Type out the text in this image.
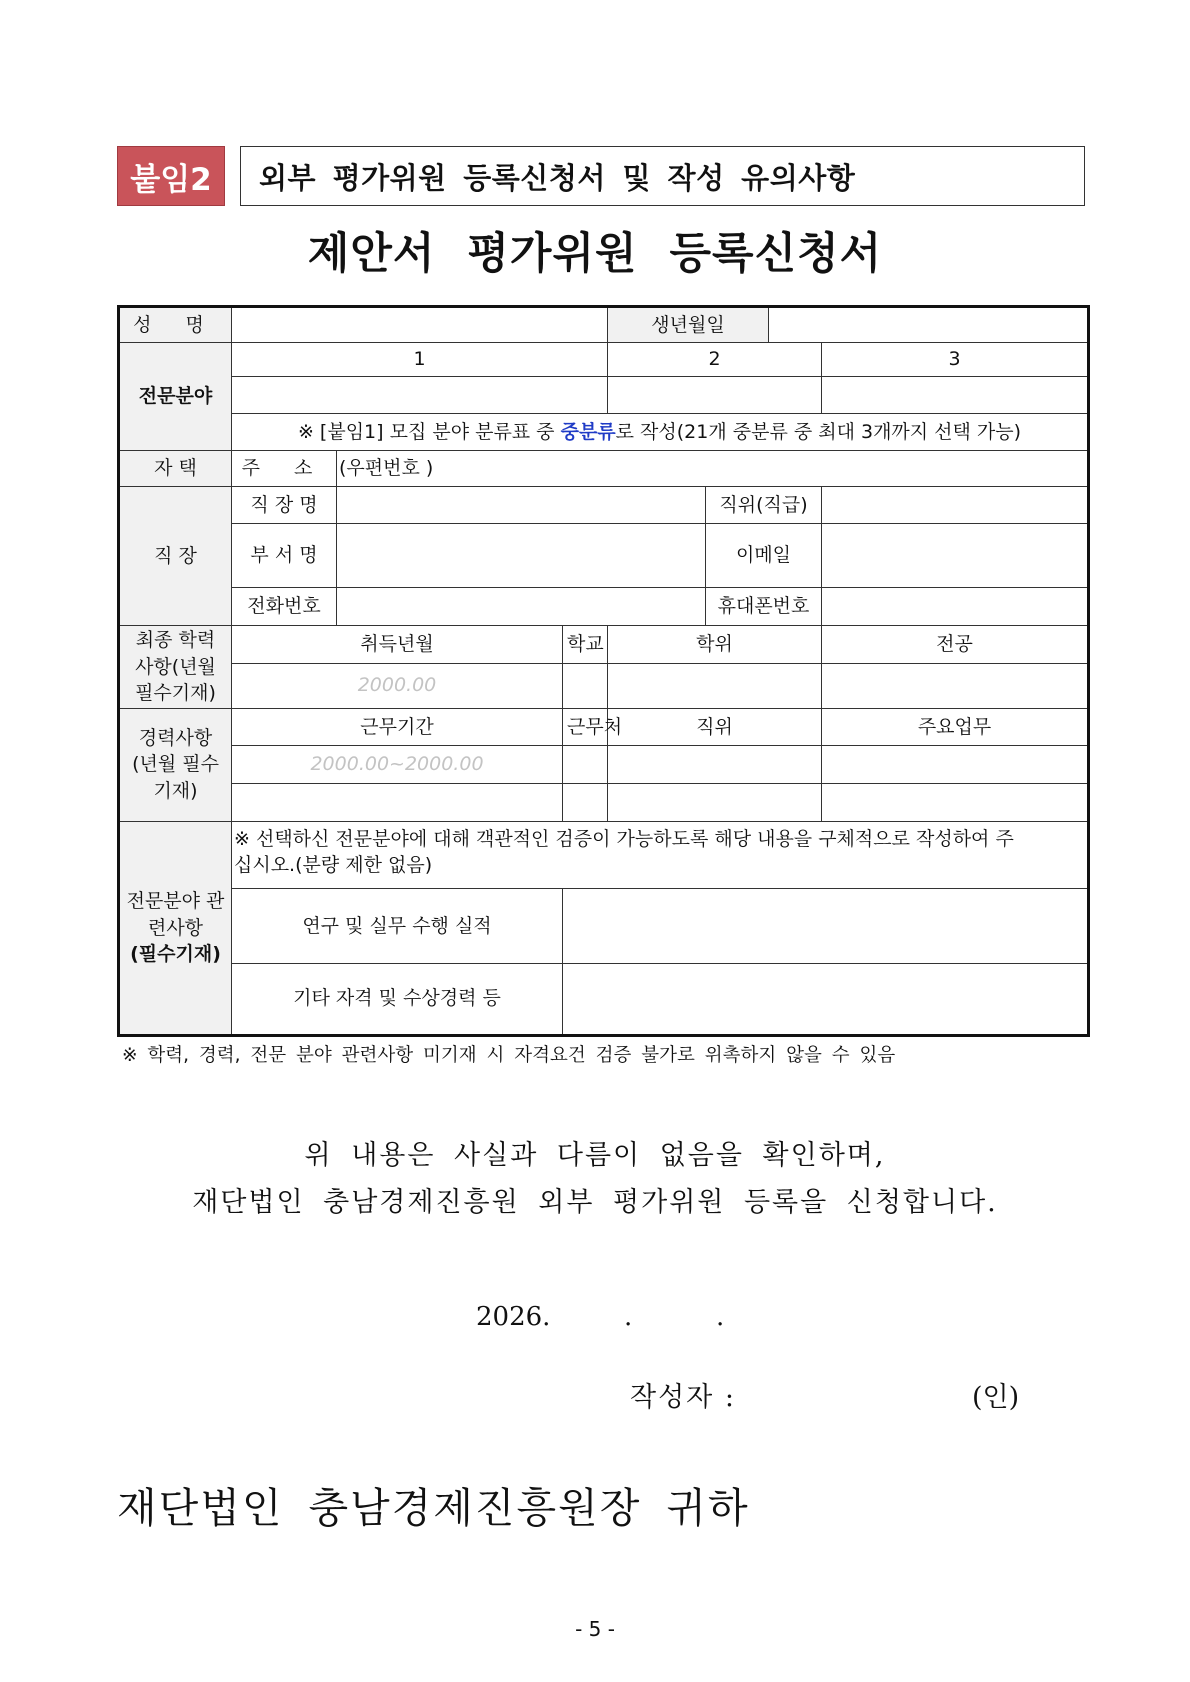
붙임2	외부 평가위원 등록신청서 및 작성 유의사항
제안서 평가위원 등록신청서
성 명				생년월일			
전문분야	1			2			3

	※ [붙임1] 모집 분야 분류표 중 중분류로 작성(21개 중분류 중 최대 3개까지 선택 가능)						
자 택	주 소	(우편번호 )					
직 장	직 장 명				직위(직급)		
	부 서 명				이메일		
	전화번호				휴대폰번호		
최종 학력 사항(년월 필수기재)	취득년월		학교	학위			전공
	2000.00						
경력사항 (년월 필수기재)	근무기간		근무처	직위			주요업무
	2000.00~2000.00						

전문분야 관련사항
(필수기재)	※ 선택하신 전문분야에 대해 객관적인 검증이 가능하도록 해당 내용을 구체적으로 작성하여 주십시오.(분량 제한 없음)						
	연구 및 실무 수행 실적						
	기타 자격 및 수상경력 등						
※ 학력, 경력, 전문 분야 관련사항 미기재 시 자격요건 검증 불가로 위촉하지 않을 수 있음
위 내용은 사실과 다름이 없음을 확인하며,
재단법인 충남경제진흥원 외부 평가위원 등록을 신청합니다.
2026.	.	.
작성자 :	(인)
재단법인 충남경제진흥원장 귀하
- 5 -
